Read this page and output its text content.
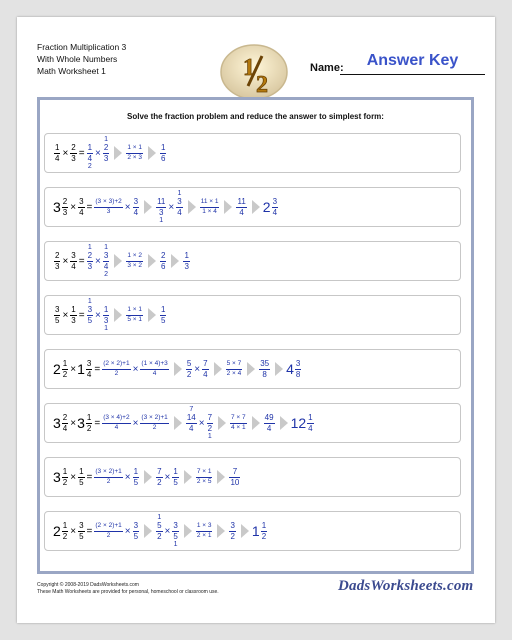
Fraction Multiplication 3
With Whole Numbers
Math Worksheet 1	1
2
Name:	Answer Key
Solve the fraction problem and reduce the answer to simplest form:
1
4 ×
2
3 =
1
4
2
×
1
2
3
1 × 1
2 × 3
1
6
3 2
3 ×
3
4 = (3 × 3)+2
3 ×
3
4
11
3
1
×
1
3
4
11 × 1
1 × 4
11
4 2 3
4
2
3 ×
3
4 =
1
2
3 ×
1
3
4
2
1 × 2
3 × 2
2
6
1
3
3
5 ×
1
3 =
1
3
5 ×
1
3
1
1 × 1
5 × 1
1
5
2 1
2 × 1 3
4 = (2 × 2)+1
2 × (1 × 4)+3
4
5
2 ×
7
4
5 × 7
2 × 4
35
8 4 3
8
3 2
4 × 3 1
2 = (3 × 4)+2
4 × (3 × 2)+1
2
7
14
4 ×
7
2
1
7 × 7
4 × 1
49
4 12 1
4
3 1
2 ×
1
5 = (3 × 2)+1
2 ×
1
5
7
2 ×
1
5
7 × 1
2 × 5
7
10
2 1
2 ×
3
5 = (2 × 2)+1
2 ×
3
5
1
5
2 ×
3
5
1
1 × 3
2 × 1
3
2 1 1
2
Copyright © 2008-2019 DadsWorksheets.com
These Math Worksheets are provided for personal, homeschool or classroom use.	DadsWorksheets.com
